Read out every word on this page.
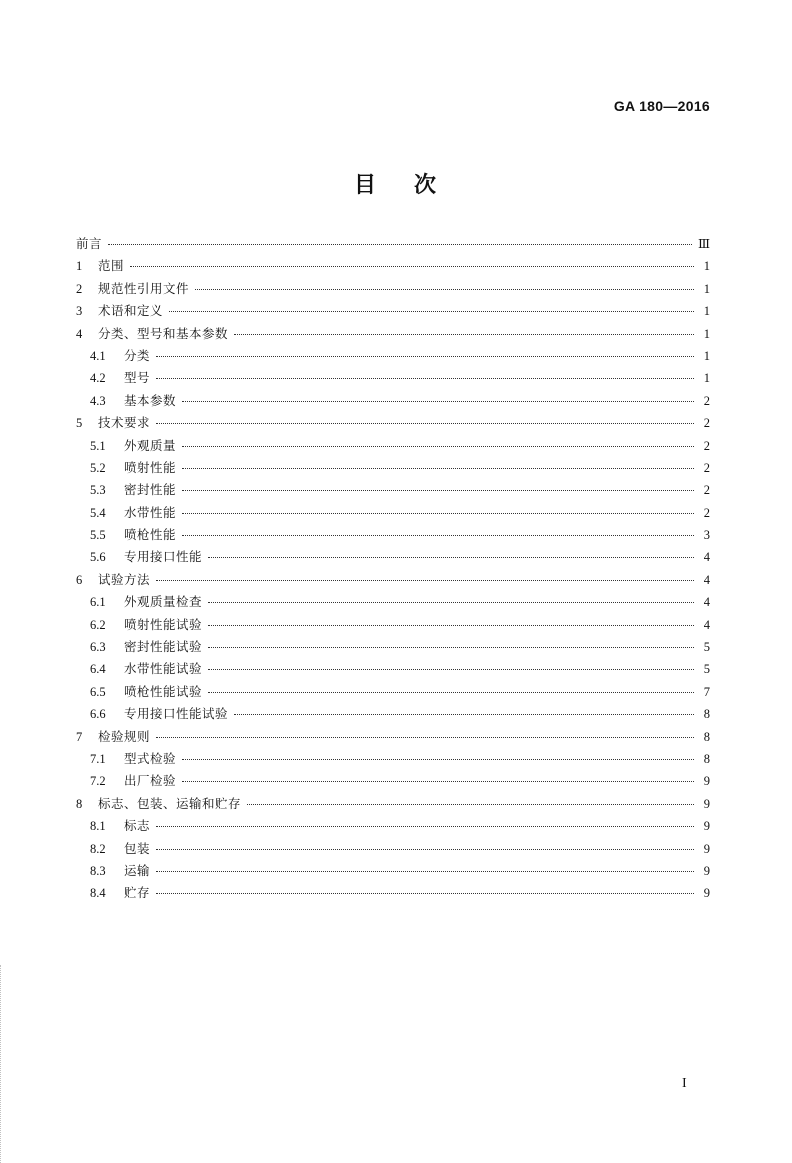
GA 180—2016
目 次
前言	Ⅲ
1	范围	1
2	规范性引用文件	1
3	术语和定义	1
4	分类、型号和基本参数	1
4.1	分类	1
4.2	型号	1
4.3	基本参数	2
5	技术要求	2
5.1	外观质量	2
5.2	喷射性能	2
5.3	密封性能	2
5.4	水带性能	2
5.5	喷枪性能	3
5.6	专用接口性能	4
6	试验方法	4
6.1	外观质量检查	4
6.2	喷射性能试验	4
6.3	密封性能试验	5
6.4	水带性能试验	5
6.5	喷枪性能试验	7
6.6	专用接口性能试验	8
7	检验规则	8
7.1	型式检验	8
7.2	出厂检验	9
8	标志、包装、运输和贮存	9
8.1	标志	9
8.2	包装	9
8.3	运输	9
8.4	贮存	9
I
